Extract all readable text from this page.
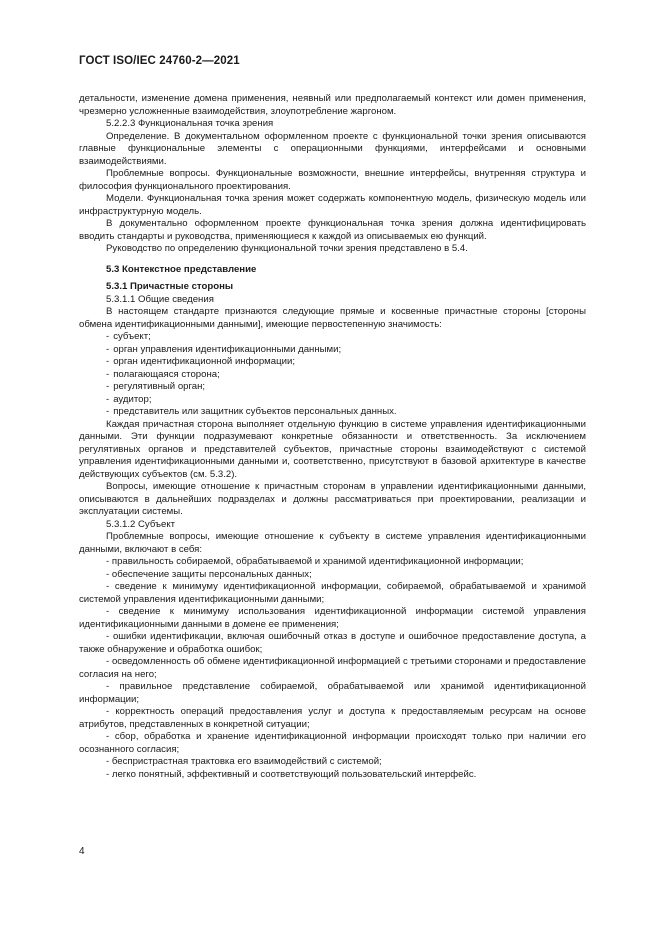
ГОСТ ISO/IEC 24760-2—2021

детальности, изменение домена применения, неявный или предполагаемый контекст или домен применения, чрезмерно усложненные взаимодействия, злоупотребление жаргоном.

5.2.2.3 Функциональная точка зрения

Определение. В документальном оформленном проекте с функциональной точки зрения описываются главные функциональные элементы с операционными функциями, интерфейсами и основными взаимодействиями.

Проблемные вопросы. Функциональные возможности, внешние интерфейсы, внутренняя структура и философия функционального проектирования.

Модели. Функциональная точка зрения может содержать компонентную модель, физическую модель или инфраструктурную модель.

В документально оформленном проекте функциональная точка зрения должна идентифицировать вводить стандарты и руководства, применяющиеся к каждой из описываемых ею функций.

Руководство по определению функциональной точки зрения представлено в 5.4.

5.3 Контекстное представление

5.3.1 Причастные стороны

5.3.1.1 Общие сведения

В настоящем стандарте признаются следующие прямые и косвенные причастные стороны [стороны обмена идентификационными данными], имеющие первостепенную значимость:

- субъект;

- орган управления идентификационными данными;

- орган идентификационной информации;

- полагающаяся сторона;

- регулятивный орган;

- аудитор;

- представитель или защитник субъектов персональных данных.

Каждая причастная сторона выполняет отдельную функцию в системе управления идентификационными данными. Эти функции подразумевают конкретные обязанности и ответственность. За исключением регулятивных органов и представителей субъектов, причастные стороны взаимодействуют с системой управления идентификационными данными и, соответственно, присутствуют в базовой архитектуре в качестве действующих субъектов (см. 5.3.2).

Вопросы, имеющие отношение к причастным сторонам в управлении идентификационными данными, описываются в дальнейших подразделах и должны рассматриваться при проектировании, реализации и эксплуатации системы.

5.3.1.2 Субъект

Проблемные вопросы, имеющие отношение к субъекту в системе управления идентификационными данными, включают в себя:

- правильность собираемой, обрабатываемой и хранимой идентификационной информации;

- обеспечение защиты персональных данных;

- сведение к минимуму идентификационной информации, собираемой, обрабатываемой и хранимой системой управления идентификационными данными;

- сведение к минимуму использования идентификационной информации системой управления идентификационными данными в домене ее применения;

- ошибки идентификации, включая ошибочный отказ в доступе и ошибочное предоставление доступа, а также обнаружение и обработка ошибок;

- осведомленность об обмене идентификационной информацией с третьими сторонами и предоставление согласия на него;

- правильное представление собираемой, обрабатываемой или хранимой идентификационной информации;

- корректность операций предоставления услуг и доступа к предоставляемым ресурсам на основе атрибутов, представленных в конкретной ситуации;

- сбор, обработка и хранение идентификационной информации происходят только при наличии его осознанного согласия;

- беспристрастная трактовка его взаимодействий с системой;

- легко понятный, эффективный и соответствующий пользовательский интерфейс.

4
